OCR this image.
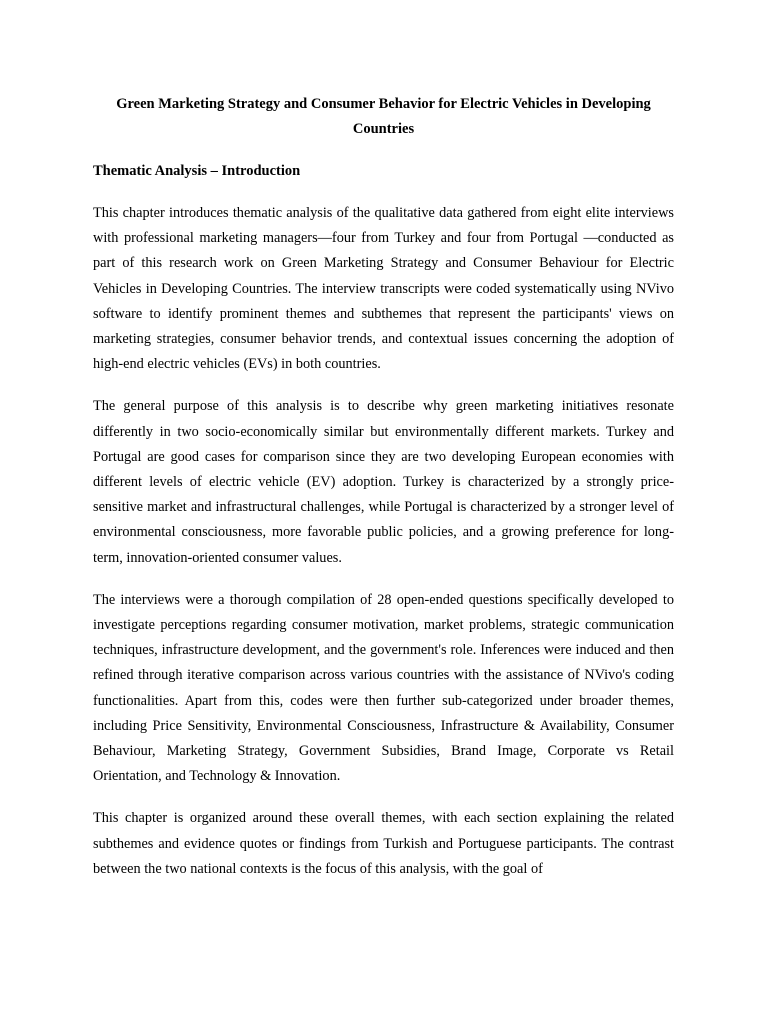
Green Marketing Strategy and Consumer Behavior for Electric Vehicles in Developing Countries
Thematic Analysis – Introduction

This chapter introduces thematic analysis of the qualitative data gathered from eight elite interviews with professional marketing managers—four from Turkey and four from Portugal —conducted as part of this research work on Green Marketing Strategy and Consumer Behaviour for Electric Vehicles in Developing Countries. The interview transcripts were coded systematically using NVivo software to identify prominent themes and subthemes that represent the participants' views on marketing strategies, consumer behavior trends, and contextual issues concerning the adoption of high-end electric vehicles (EVs) in both countries.

The general purpose of this analysis is to describe why green marketing initiatives resonate differently in two socio-economically similar but environmentally different markets. Turkey and Portugal are good cases for comparison since they are two developing European economies with different levels of electric vehicle (EV) adoption. Turkey is characterized by a strongly price-sensitive market and infrastructural challenges, while Portugal is characterized by a stronger level of environmental consciousness, more favorable public policies, and a growing preference for long-term, innovation-oriented consumer values.

The interviews were a thorough compilation of 28 open-ended questions specifically developed to investigate perceptions regarding consumer motivation, market problems, strategic communication techniques, infrastructure development, and the government's role. Inferences were induced and then refined through iterative comparison across various countries with the assistance of NVivo's coding functionalities. Apart from this, codes were then further sub-categorized under broader themes, including Price Sensitivity, Environmental Consciousness, Infrastructure & Availability, Consumer Behaviour, Marketing Strategy, Government Subsidies, Brand Image, Corporate vs Retail Orientation, and Technology & Innovation.

This chapter is organized around these overall themes, with each section explaining the related subthemes and evidence quotes or findings from Turkish and Portuguese participants. The contrast between the two national contexts is the focus of this analysis, with the goal of
